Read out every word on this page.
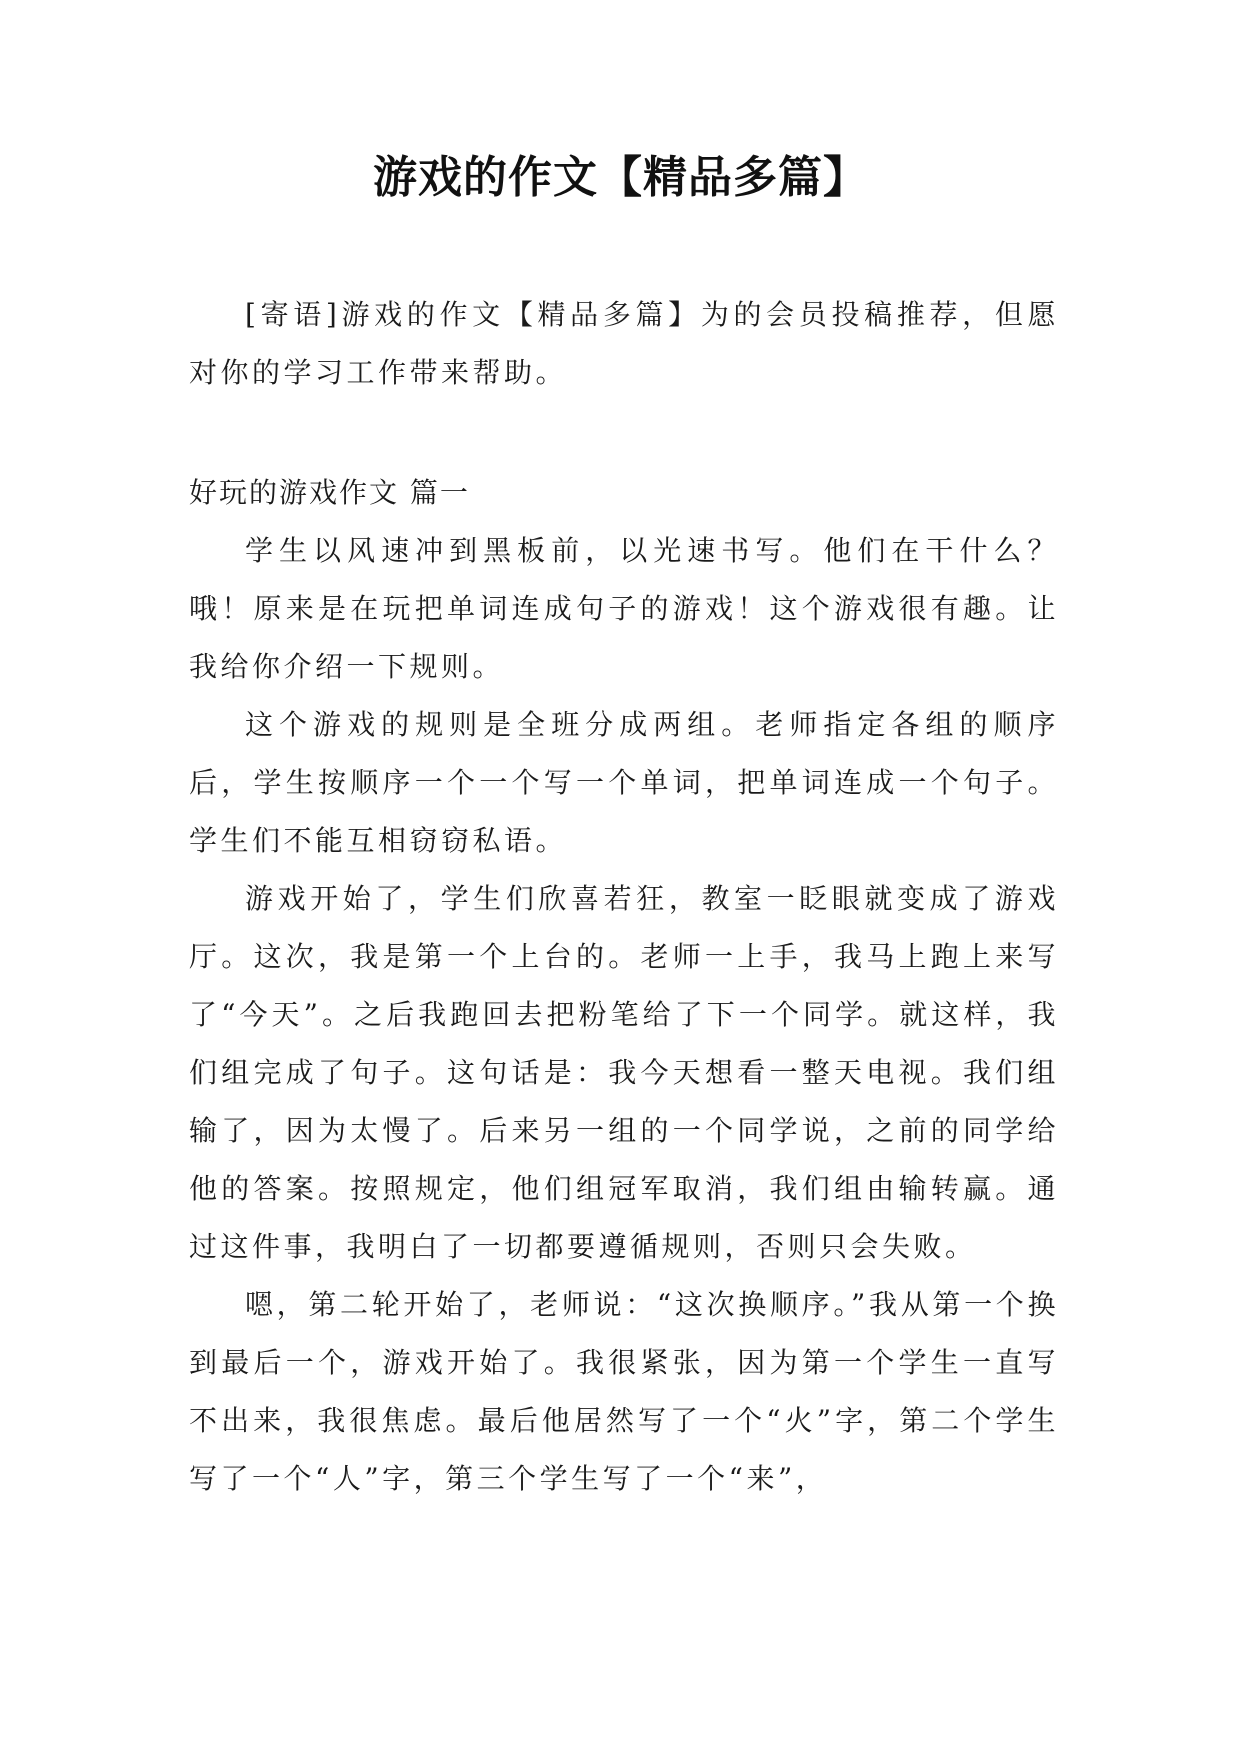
游戏的作文【精品多篇】

[寄语]游戏的作文【精品多篇】为的会员投稿推荐，但愿对你的学习工作带来帮助。

好玩的游戏作文 篇一

学生以风速冲到黑板前，以光速书写。他们在干什么？哦！原来是在玩把单词连成句子的游戏！这个游戏很有趣。让我给你介绍一下规则。

这个游戏的规则是全班分成两组。老师指定各组的顺序后，学生按顺序一个一个写一个单词，把单词连成一个句子。学生们不能互相窃窃私语。

游戏开始了，学生们欣喜若狂，教室一眨眼就变成了游戏厅。这次，我是第一个上台的。老师一上手，我马上跑上来写了“今天”。之后我跑回去把粉笔给了下一个同学。就这样，我们组完成了句子。这句话是：我今天想看一整天电视。我们组输了，因为太慢了。后来另一组的一个同学说，之前的同学给他的答案。按照规定，他们组冠军取消，我们组由输转赢。通过这件事，我明白了一切都要遵循规则，否则只会失败。

嗯，第二轮开始了，老师说：“这次换顺序。”我从第一个换到最后一个，游戏开始了。我很紧张，因为第一个学生一直写不出来，我很焦虑。最后他居然写了一个“火”字，第二个学生写了一个“人”字，第三个学生写了一个“来”，
